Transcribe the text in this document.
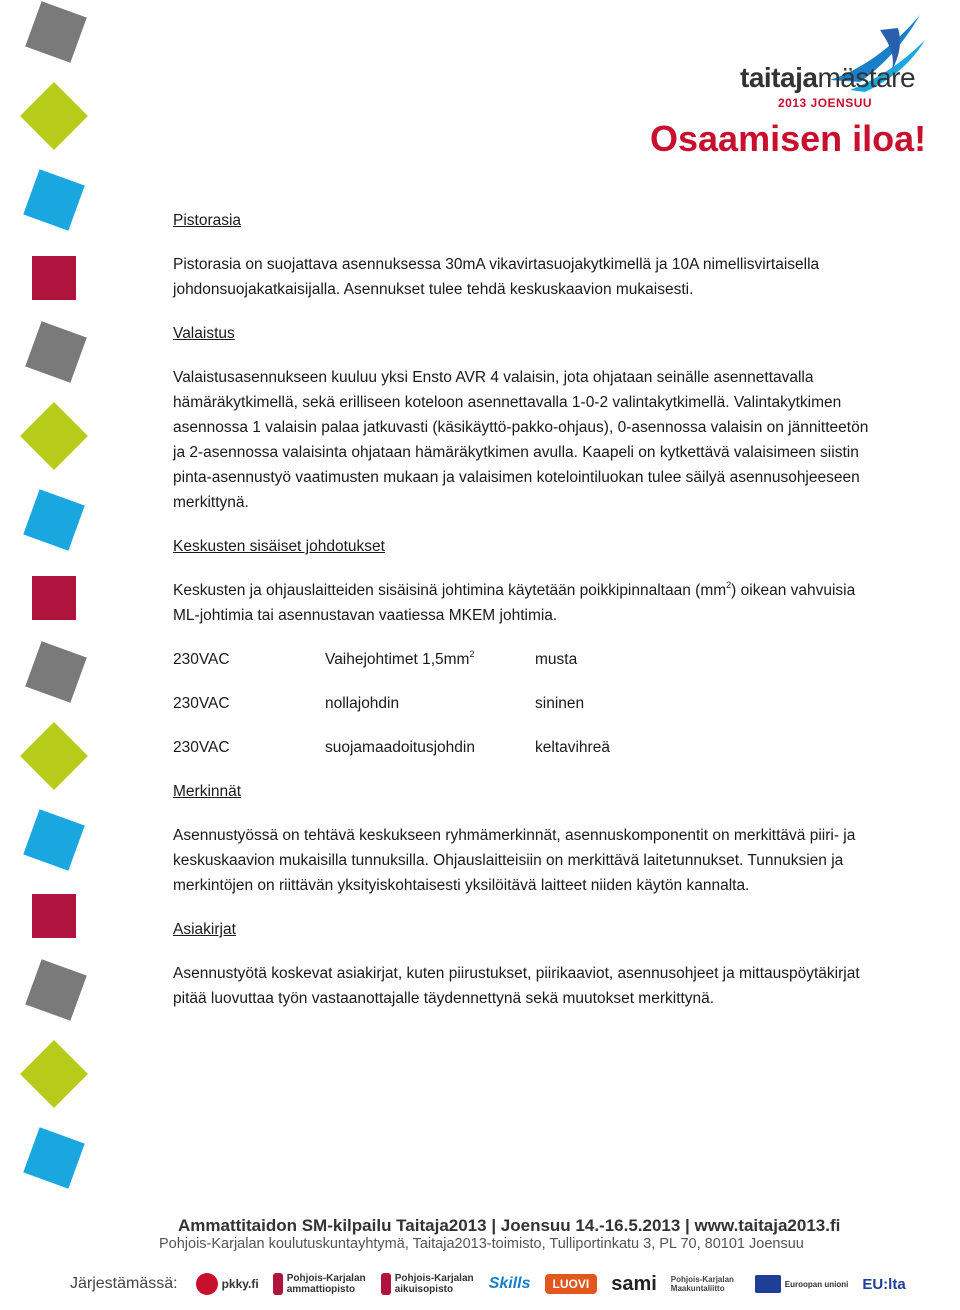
taitajamästare
2013 JOENSUU
Osaamisen iloa!

Pistorasia

Pistorasia on suojattava asennuksessa 30mA vikavirtasuojakytkimellä ja 10A nimellisvirtaisella johdonsuojakatkaisijalla. Asennukset tulee tehdä keskuskaavion mukaisesti.

Valaistus

Valaistusasennukseen kuuluu yksi Ensto AVR 4 valaisin, jota ohjataan seinälle asennettavalla hämäräkytkimellä, sekä erilliseen koteloon asennettavalla 1-0-2 valintakytkimellä. Valintakytkimen asennossa 1 valaisin palaa jatkuvasti (käsikäyttö-pakko-ohjaus), 0-asennossa valaisin on jännitteetön ja 2-asennossa valaisinta ohjataan hämäräkytkimen avulla. Kaapeli on kytkettävä valaisimeen siistin pinta-asennustyö vaatimusten mukaan ja valaisimen kotelointiluokan tulee säilyä asennusohjeeseen merkittynä.

Keskusten sisäiset johdotukset

Keskusten ja ohjauslaitteiden sisäisinä johtimina käytetään poikkipinnaltaan $(mm^2)$ oikean vahvuisia ML-johtimia tai asennustavan vaatiessa MKEM johtimia.

230VAC	Vaihejohtimet $1,5mm^2$	musta
230VAC	nollajohdin	sininen
230VAC	suojamaadoitusjohdin	keltavihreä

Merkinnät

Asennustyössä on tehtävä keskukseen ryhmämerkinnät, asennuskomponentit on merkittävä piiri- ja keskuskaavion mukaisilla tunnuksilla. Ohjauslaitteisiin on merkittävä laitetunnukset. Tunnuksien ja merkintöjen on riittävän yksityiskohtaisesti yksilöitävä laitteet niiden käytön kannalta.

Asiakirjat

Asennustyötä koskevat asiakirjat, kuten piirustukset, piirikaaviot, asennusohjeet ja mittauspöytäkirjat pitää luovuttaa työn vastaanottajalle täydennettynä sekä muutokset merkittynä.

Ammattitaidon SM-kilpailu Taitaja2013 | Joensuu 14.-16.5.2013 | www.taitaja2013.fi
Pohjois-Karjalan koulutuskuntayhtymä, Taitaja2013-toimisto, Tulliportinkatu 3, PL 70, 80101 Joensuu
Järjestämässä:	pkky.fi	Pohjois-Karjalan ammattiopisto
Pohjois-Karjalan aikuisopisto	Skills	LUOVI	sami Pohjois-Karjalan Maakuntaliitto	Euroopan unioni EU:lta
